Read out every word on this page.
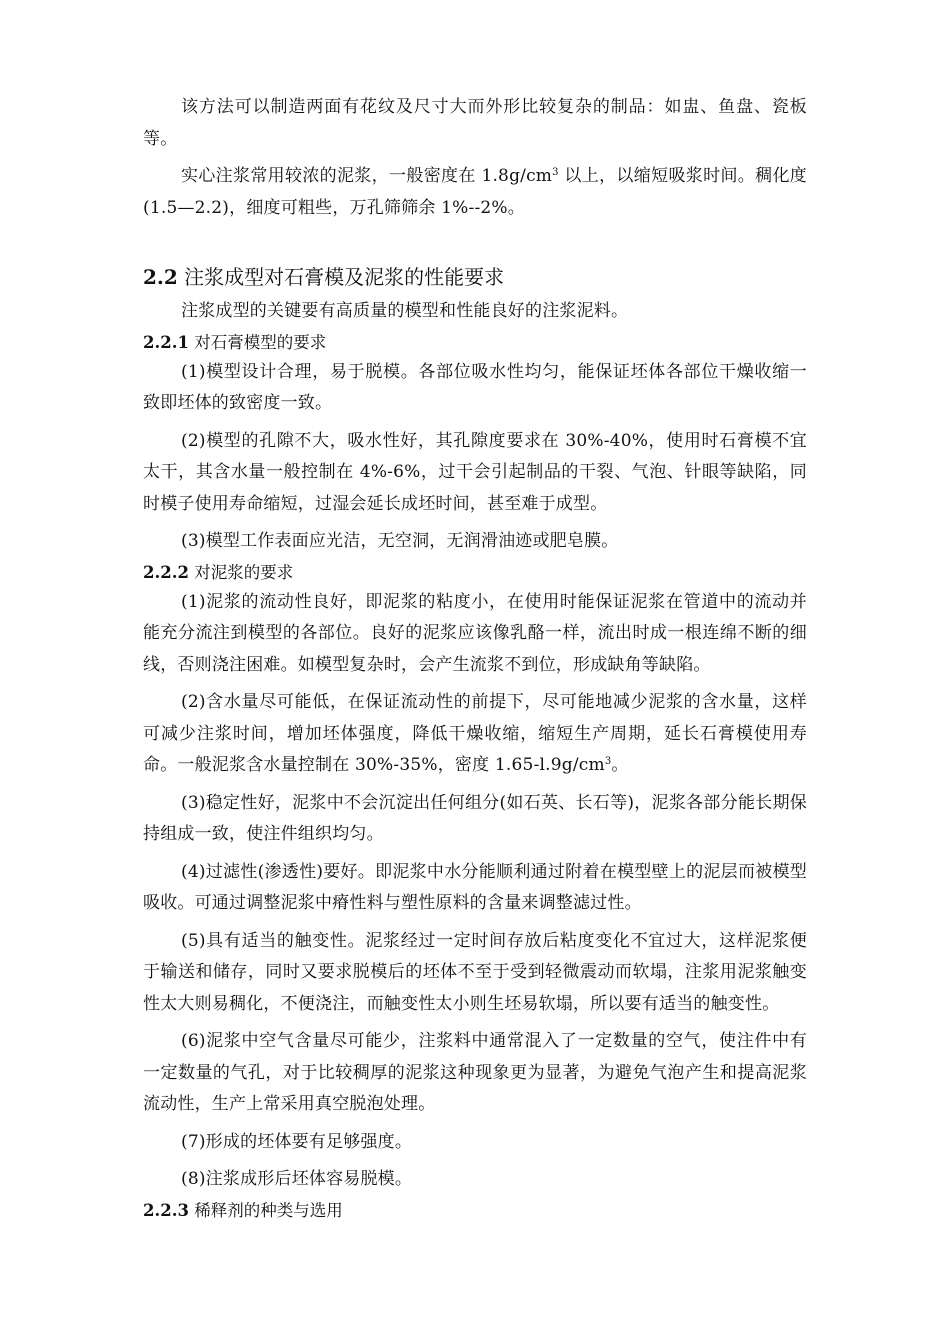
该方法可以制造两面有花纹及尺寸大而外形比较复杂的制品：如盅、鱼盘、瓷板等。

实心注浆常用较浓的泥浆，一般密度在 $1.8g/cm^3$ 以上，以缩短吸浆时间。稠化度(1.5—2.2)，细度可粗些，万孔筛筛余 1%--2%。

2.2 注浆成型对石膏模及泥浆的性能要求

注浆成型的关键要有高质量的模型和性能良好的注浆泥料。

2.2.1 对石膏模型的要求

(1)模型设计合理，易于脱模。各部位吸水性均匀，能保证坯体各部位干燥收缩一致即坯体的致密度一致。

(2)模型的孔隙不大，吸水性好，其孔隙度要求在 30%-40%，使用时石膏模不宜太干，其含水量一般控制在 4%-6%，过干会引起制品的干裂、气泡、针眼等缺陷，同时模子使用寿命缩短，过湿会延长成坯时间，甚至难于成型。

(3)模型工作表面应光洁，无空洞，无润滑油迹或肥皂膜。

2.2.2 对泥浆的要求

(1)泥浆的流动性良好，即泥浆的粘度小，在使用时能保证泥浆在管道中的流动并能充分流注到模型的各部位。良好的泥浆应该像乳酪一样，流出时成一根连绵不断的细线，否则浇注困难。如模型复杂时，会产生流浆不到位，形成缺角等缺陷。

(2)含水量尽可能低，在保证流动性的前提下，尽可能地减少泥浆的含水量，这样可减少注浆时间，增加坯体强度，降低干燥收缩，缩短生产周期，延长石膏模使用寿命。一般泥浆含水量控制在 30%-35%，密度 $1.65-l.9g/cm^3$。

(3)稳定性好，泥浆中不会沉淀出任何组分(如石英、长石等)，泥浆各部分能长期保持组成一致，使注件组织均匀。

(4)过滤性(渗透性)要好。即泥浆中水分能顺利通过附着在模型壁上的泥层而被模型吸收。可通过调整泥浆中瘠性料与塑性原料的含量来调整滤过性。

(5)具有适当的触变性。泥浆经过一定时间存放后粘度变化不宜过大，这样泥浆便于输送和储存，同时又要求脱模后的坯体不至于受到轻微震动而软塌，注浆用泥浆触变性太大则易稠化，不便浇注，而触变性太小则生坯易软塌，所以要有适当的触变性。

(6)泥浆中空气含量尽可能少，注浆料中通常混入了一定数量的空气，使注件中有一定数量的气孔，对于比较稠厚的泥浆这种现象更为显著，为避免气泡产生和提高泥浆流动性，生产上常采用真空脱泡处理。

(7)形成的坯体要有足够强度。

(8)注浆成形后坯体容易脱模。

2.2.3 稀释剂的种类与选用
